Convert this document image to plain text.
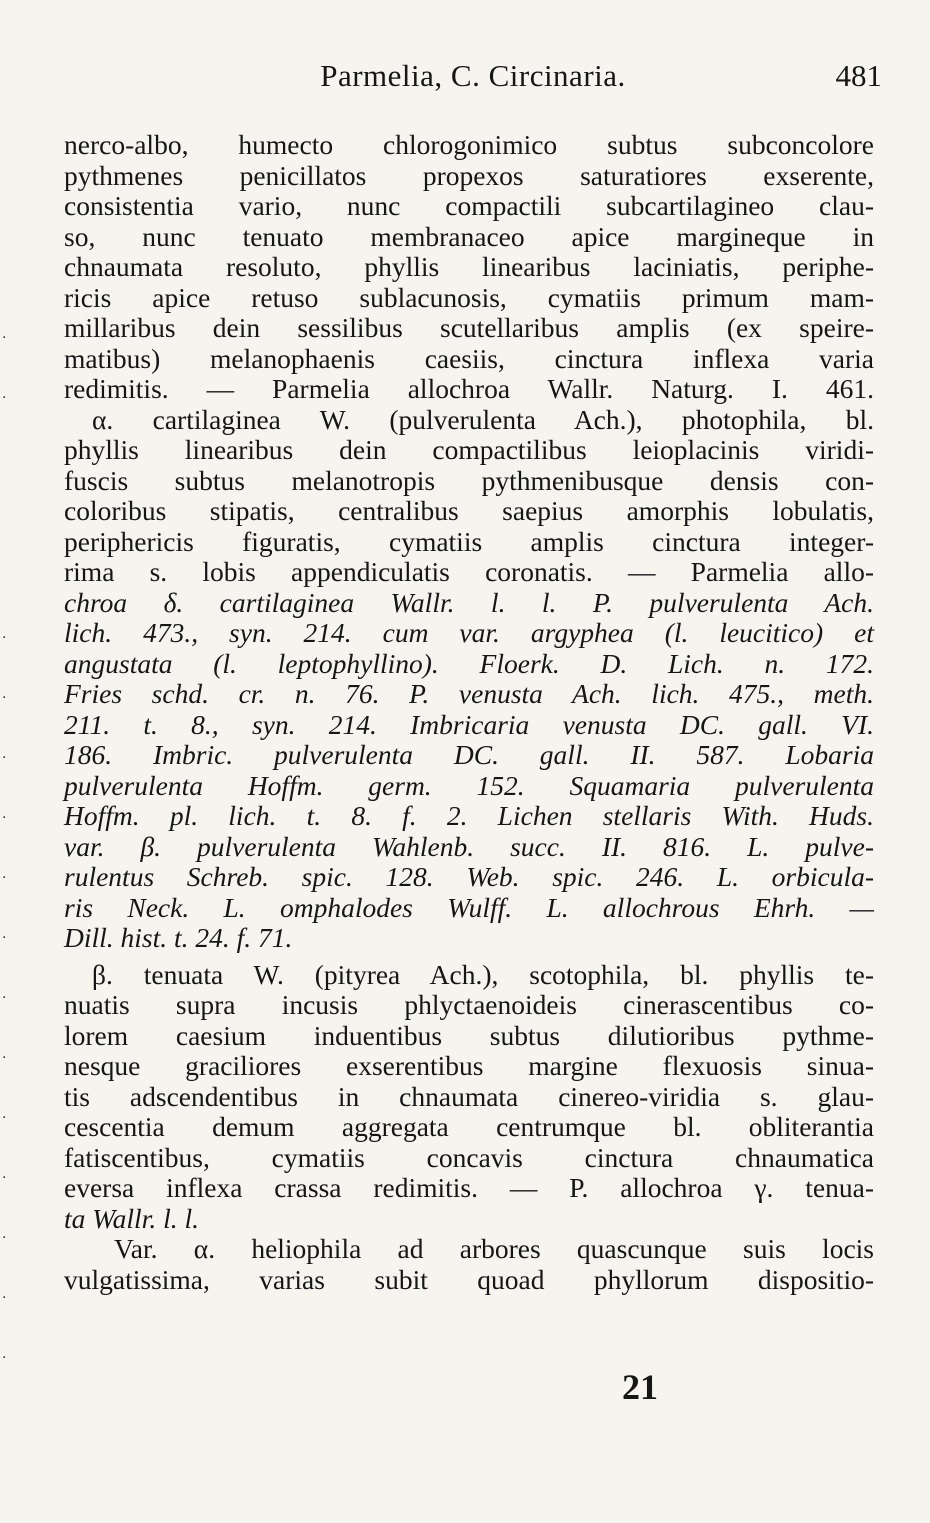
Parmelia, C. Circinaria.	481

nerco-albo, humecto chlorogonimico subtus subconcolore
pythmenes penicillatos propexos saturatiores exserente,
consistentia vario, nunc compactili subcartilagineo clau-
so, nunc tenuato membranaceo apice margineque in
chnaumata resoluto, phyllis linearibus laciniatis, periphe-
ricis apice retuso sublacunosis, cymatiis primum mam-
millaribus dein sessilibus scutellaribus amplis (ex speire-
matibus) melanophaenis caesiis, cinctura inflexa varia
redimitis. — Parmelia allochroa Wallr. Naturg. I. 461.

α. cartilaginea W. (pulverulenta Ach.), photophila, bl.
phyllis linearibus dein compactilibus leioplacinis viridi-
fuscis subtus melanotropis pythmenibusque densis con-
coloribus stipatis, centralibus saepius amorphis lobulatis,
periphericis figuratis, cymatiis amplis cinctura integer-
rima s. lobis appendiculatis coronatis. — Parmelia allo-
chroa δ. cartilaginea Wallr. l. l. P. pulverulenta Ach.
lich. 473., syn. 214. cum var. argyphea (l. leucitico) et
angustata (l. leptophyllino). Floerk. D. Lich. n. 172.
Fries schd. cr. n. 76. P. venusta Ach. lich. 475., meth.
211. t. 8., syn. 214. Imbricaria venusta DC. gall. VI.
186. Imbric. pulverulenta DC. gall. II. 587. Lobaria
pulverulenta Hoffm. germ. 152. Squamaria pulverulenta
Hoffm. pl. lich. t. 8. f. 2. Lichen stellaris With. Huds.
var. β. pulverulenta Wahlenb. succ. II. 816. L. pulve-
rulentus Schreb. spic. 128. Web. spic. 246. L. orbicula-
ris Neck. L. omphalodes Wulff. L. allochrous Ehrh. —
Dill. hist. t. 24. f. 71.

β. tenuata W. (pityrea Ach.), scotophila, bl. phyllis te-
nuatis supra incusis phlyctaenoideis cinerascentibus co-
lorem caesium induentibus subtus dilutioribus pythme-
nesque graciliores exserentibus margine flexuosis sinua-
tis adscendentibus in chnaumata cinereo-viridia s. glau-
cescentia demum aggregata centrumque bl. obliterantia
fatiscentibus, cymatiis concavis cinctura chnaumatica
eversa inflexa crassa redimitis. — P. allochroa γ. tenua-
ta Wallr. l. l.

Var. α. heliophila ad arbores quascunque suis locis
vulgatissima, varias subit quoad phyllorum dispositio-

21
·
·
·
·
·
·
·
·
·
·
·
·
·
·
·
